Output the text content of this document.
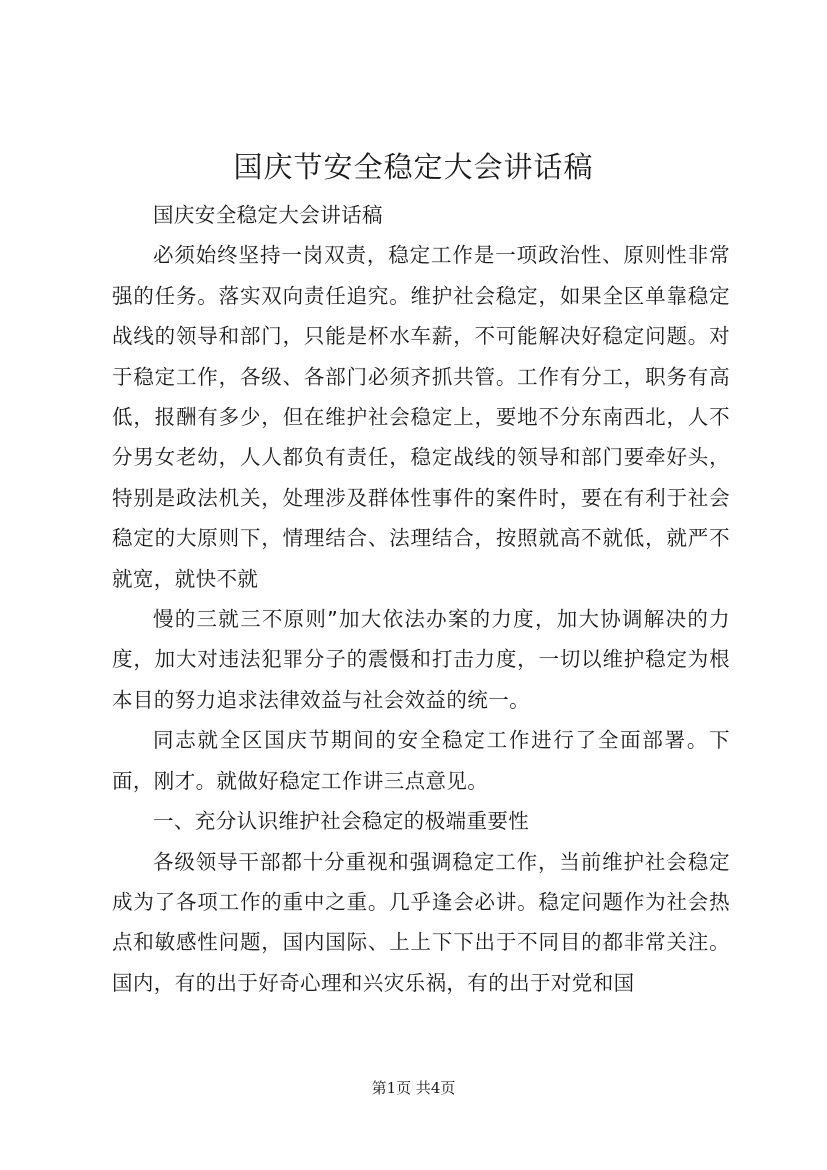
国庆节安全稳定大会讲话稿

国庆安全稳定大会讲话稿

必须始终坚持一岗双责，稳定工作是一项政治性、原则性非常强的任务。落实双向责任追究。维护社会稳定，如果全区单靠稳定战线的领导和部门，只能是杯水车薪，不可能解决好稳定问题。对于稳定工作，各级、各部门必须齐抓共管。工作有分工，职务有高低，报酬有多少，但在维护社会稳定上，要地不分东南西北，人不分男女老幼，人人都负有责任，稳定战线的领导和部门要牵好头，特别是政法机关，处理涉及群体性事件的案件时，要在有利于社会稳定的大原则下，情理结合、法理结合，按照就高不就低，就严不就宽，就快不就

慢的三就三不原则”加大依法办案的力度，加大协调解决的力度，加大对违法犯罪分子的震慑和打击力度，一切以维护稳定为根本目的努力追求法律效益与社会效益的统一。

同志就全区国庆节期间的安全稳定工作进行了全面部署。下面，刚才。就做好稳定工作讲三点意见。

一、充分认识维护社会稳定的极端重要性

各级领导干部都十分重视和强调稳定工作，当前维护社会稳定成为了各项工作的重中之重。几乎逢会必讲。稳定问题作为社会热点和敏感性问题，国内国际、上上下下出于不同目的都非常关注。国内，有的出于好奇心理和兴灾乐祸，有的出于对党和国

第1页 共4页
